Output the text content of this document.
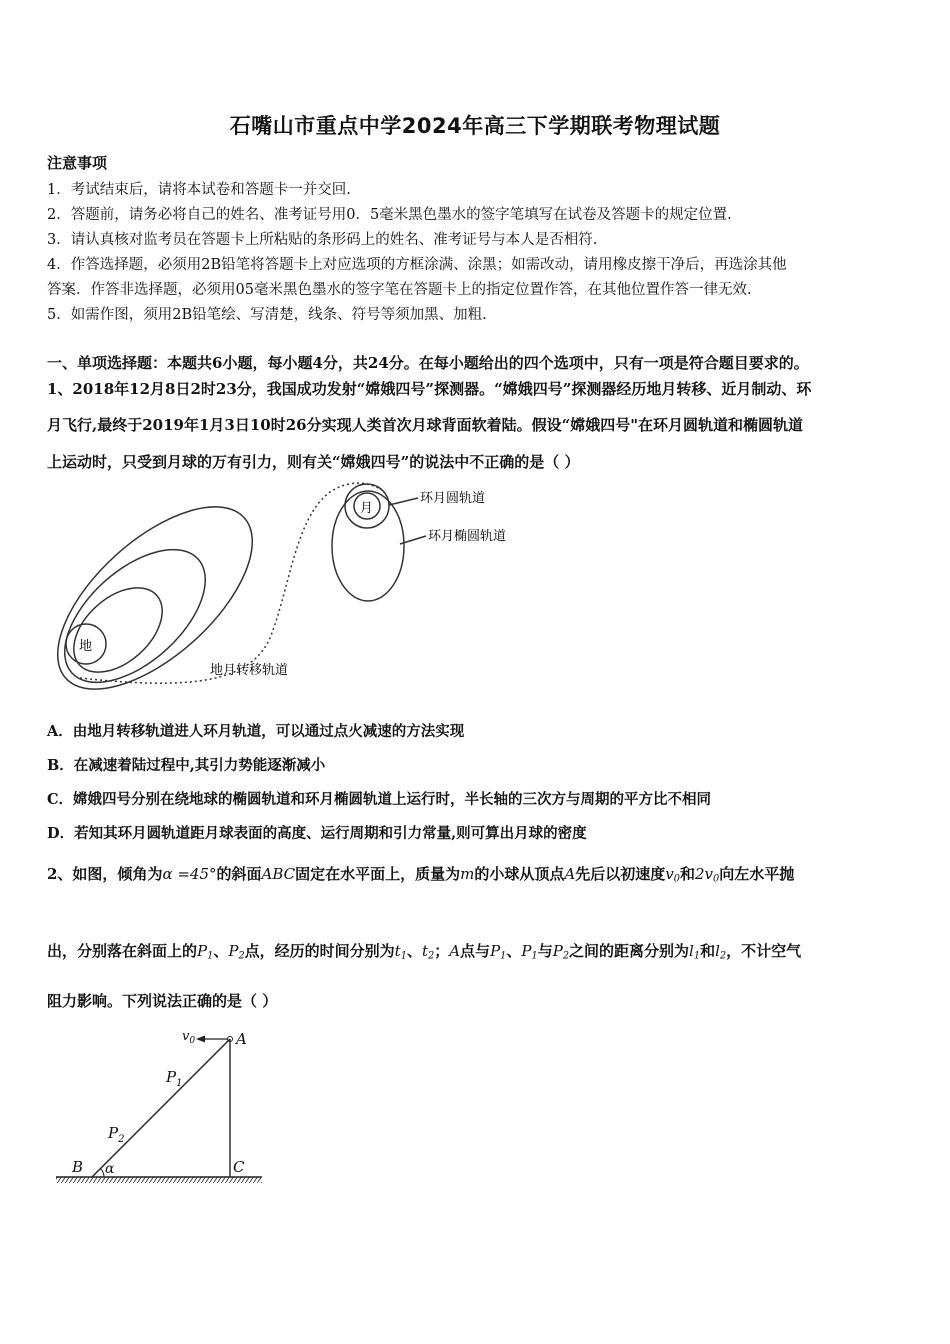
石嘴山市重点中学2024年高三下学期联考物理试题
注意事项
1．考试结束后，请将本试卷和答题卡一并交回.
2．答题前，请务必将自己的姓名、准考证号用0．5毫米黑色墨水的签字笔填写在试卷及答题卡的规定位置.
3．请认真核对监考员在答题卡上所粘贴的条形码上的姓名、准考证号与本人是否相符.
4．作答选择题，必须用2B铅笔将答题卡上对应选项的方框涂满、涂黑；如需改动，请用橡皮擦干净后，再选涂其他
答案．作答非选择题，必须用05毫米黑色墨水的签字笔在答题卡上的指定位置作答，在其他位置作答一律无效.
5．如需作图，须用2B铅笔绘、写清楚，线条、符号等须加黑、加粗.
一、单项选择题：本题共6小题，每小题4分，共24分。在每小题给出的四个选项中，只有一项是符合题目要求的。
1、2018年12月8日2时23分，我国成功发射“嫦娥四号”探测器。“嫦娥四号”探测器经历地月转移、近月制动、环
月飞行,最终于2019年1月3日10时26分实现人类首次月球背面软着陆。假设“嫦娥四号"在环月圆轨道和椭圆轨道
上运动时，只受到月球的万有引力，则有关“嫦娥四号”的说法中不正确的是（ ）
地
月
环月圆轨道
环月椭圆轨道
地月转移轨道
A．由地月转移轨道进人环月轨道，可以通过点火减速的方法实现
B．在减速着陆过程中,其引力势能逐渐减小
C．嫦娥四号分别在绕地球的椭圆轨道和环月椭圆轨道上运行时，半长轴的三次方与周期的平方比不相同
D．若知其环月圆轨道距月球表面的高度、运行周期和引力常量,则可算出月球的密度
2、如图，倾角为α =45°的斜面ABC固定在水平面上，质量为m的小球从顶点A先后以初速度$v_0$和$2v_0$向左水平抛
出，分别落在斜面上的$P_1$、$P_2$点，经历的时间分别为$t_1$、$t_2$；A点与$P_1$、$P_1$与$P_2$之间的距离分别为$l_1$和$l_2$，不计空气
阻力影响。下列说法正确的是（ ）
$v_0$	A
$P_1$
$P_2$
B α	C
